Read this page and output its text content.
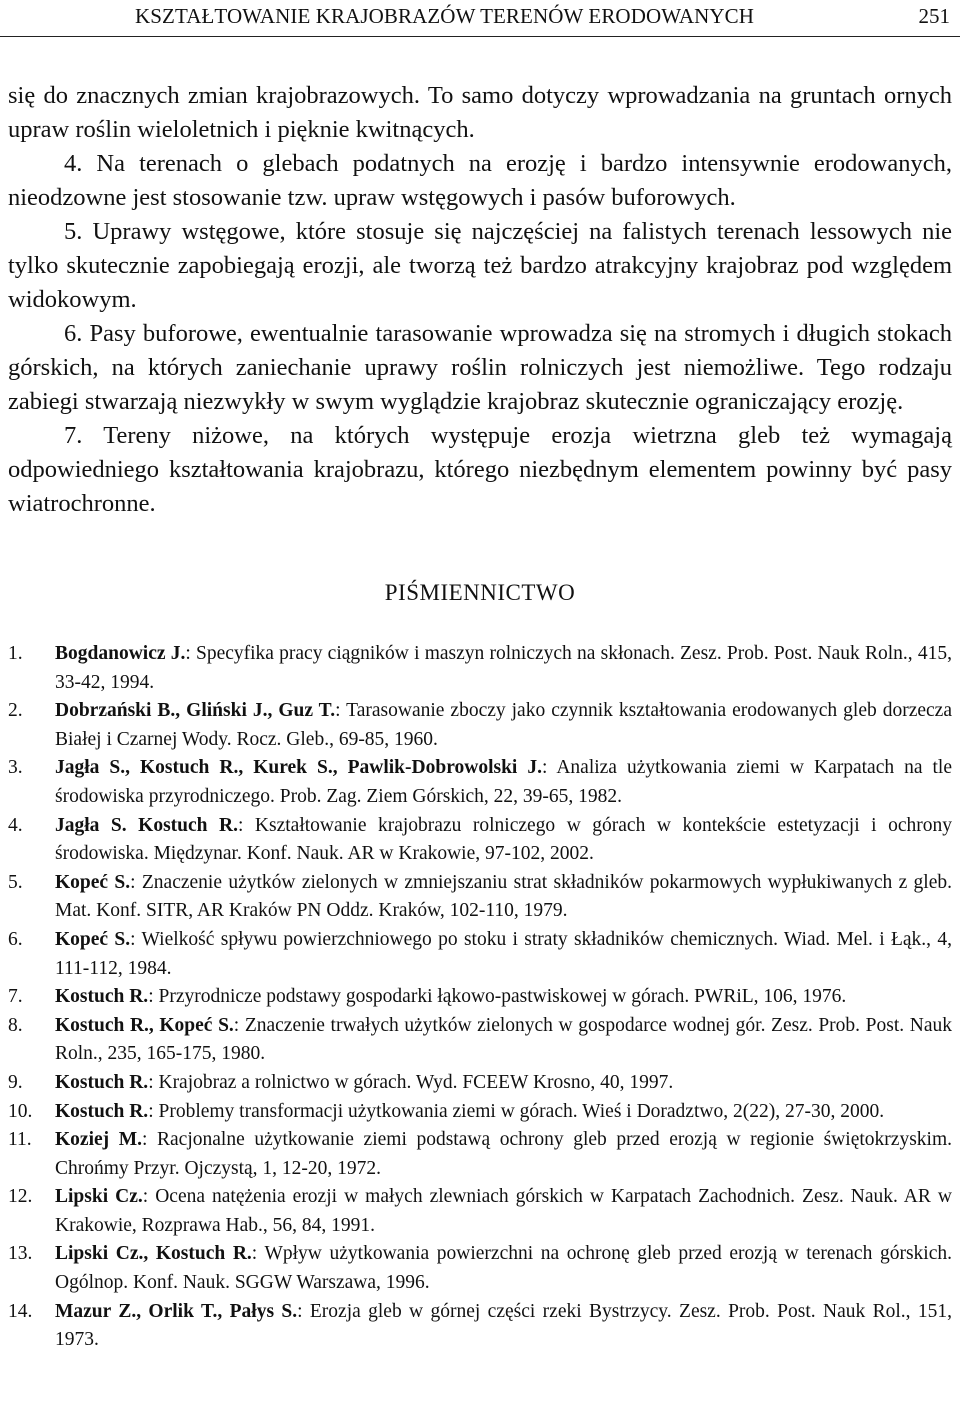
KSZTAŁTOWANIE KRAJOBRAZÓW TERENÓW ERODOWANYCH	251

się do znacznych zmian krajobrazowych. To samo dotyczy wprowadzania na gruntach ornych upraw roślin wieloletnich i pięknie kwitnących.

4. Na terenach o glebach podatnych na erozję i bardzo intensywnie erodowanych, nieodzowne jest stosowanie tzw. upraw wstęgowych i pasów buforowych.

5. Uprawy wstęgowe, które stosuje się najczęściej na falistych terenach lessowych nie tylko skutecznie zapobiegają erozji, ale tworzą też bardzo atrakcyjny krajobraz pod względem widokowym.

6. Pasy buforowe, ewentualnie tarasowanie wprowadza się na stromych i długich stokach górskich, na których zaniechanie uprawy roślin rolniczych jest niemożliwe. Tego rodzaju zabiegi stwarzają niezwykły w swym wyglądzie krajobraz skutecznie ograniczający erozję.

7. Tereny niżowe, na których występuje erozja wietrzna gleb też wymagają odpowiedniego kształtowania krajobrazu, którego niezbędnym elementem powinny być pasy wiatrochronne.

PIŚMIENNICTWO
1.	Bogdanowicz J.: Specyfika pracy ciągników i maszyn rolniczych na skłonach. Zesz. Prob. Post. Nauk Roln., 415, 33-42, 1994.
2.	Dobrzański B., Gliński J., Guz T.: Tarasowanie zboczy jako czynnik kształtowania erodowanych gleb dorzecza Białej i Czarnej Wody. Rocz. Gleb., 69-85, 1960.
3.	Jagła S., Kostuch R., Kurek S., Pawlik-Dobrowolski J.: Analiza użytkowania ziemi w Karpatach na tle środowiska przyrodniczego. Prob. Zag. Ziem Górskich, 22, 39-65, 1982.
4.	Jagła S. Kostuch R.: Kształtowanie krajobrazu rolniczego w górach w kontekście estetyzacji i ochrony środowiska. Międzynar. Konf. Nauk. AR w Krakowie, 97-102, 2002.
5.	Kopeć S.: Znaczenie użytków zielonych w zmniejszaniu strat składników pokarmowych wypłukiwanych z gleb. Mat. Konf. SITR, AR Kraków PN Oddz. Kraków, 102-110, 1979.
6.	Kopeć S.: Wielkość spływu powierzchniowego po stoku i straty składników chemicznych. Wiad. Mel. i Łąk., 4, 111-112, 1984.
7.	Kostuch R.: Przyrodnicze podstawy gospodarki łąkowo-pastwiskowej w górach. PWRiL, 106, 1976.
8.	Kostuch R., Kopeć S.: Znaczenie trwałych użytków zielonych w gospodarce wodnej gór. Zesz. Prob. Post. Nauk Roln., 235, 165-175, 1980.
9.	Kostuch R.: Krajobraz a rolnictwo w górach. Wyd. FCEEW Krosno, 40, 1997.
10.	Kostuch R.: Problemy transformacji użytkowania ziemi w górach. Wieś i Doradztwo, 2(22), 27-30, 2000.
11.	Koziej M.: Racjonalne użytkowanie ziemi podstawą ochrony gleb przed erozją w regionie świętokrzyskim. Chrońmy Przyr. Ojczystą, 1, 12-20, 1972.
12.	Lipski Cz.: Ocena natężenia erozji w małych zlewniach górskich w Karpatach Zachodnich. Zesz. Nauk. AR w Krakowie, Rozprawa Hab., 56, 84, 1991.
13.	Lipski Cz., Kostuch R.: Wpływ użytkowania powierzchni na ochronę gleb przed erozją w terenach górskich. Ogólnop. Konf. Nauk. SGGW Warszawa, 1996.
14.	Mazur Z., Orlik T., Pałys S.: Erozja gleb w górnej części rzeki Bystrzycy. Zesz. Prob. Post. Nauk Rol., 151, 1973.
